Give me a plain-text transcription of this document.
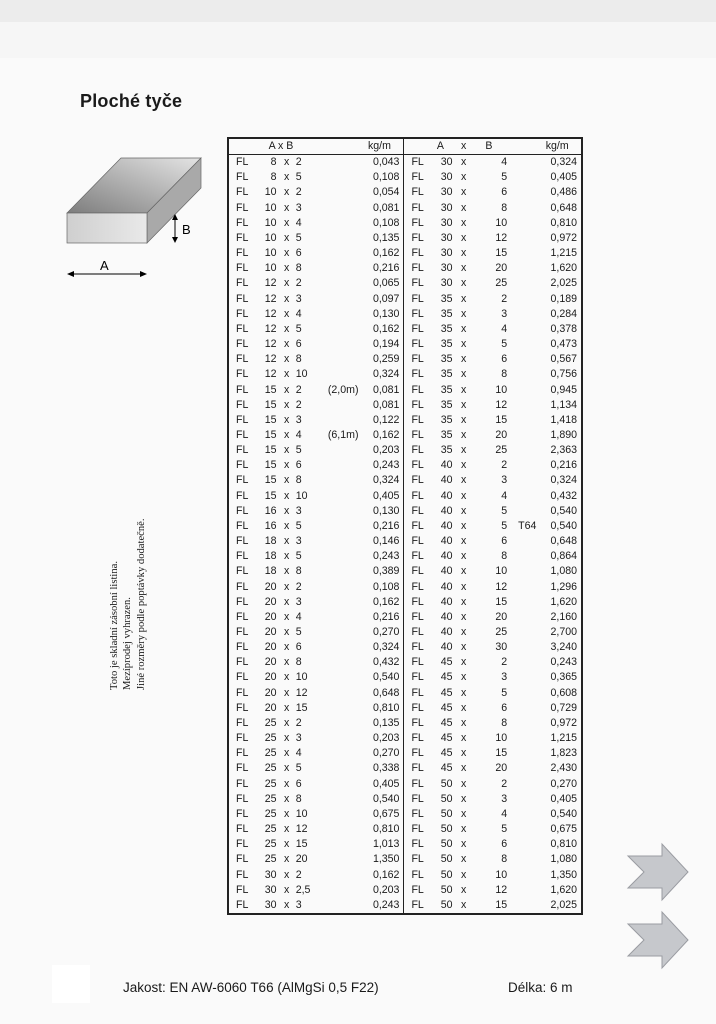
Ploché tyče
B
A
Toto je skladní zásobní listina. Mezíprodej vyhrazen. Jiné rozměry podle poptávky dodatečně.
A x B					kg/m		A	x	B		kg/m
FL	8	x	2		0,043	FL	30	x	4		0,324
FL	8	x	5		0,108	FL	30	x	5		0,405
FL	10	x	2		0,054	FL	30	x	6		0,486
FL	10	x	3		0,081	FL	30	x	8		0,648
FL	10	x	4		0,108	FL	30	x	10		0,810
FL	10	x	5		0,135	FL	30	x	12		0,972
FL	10	x	6		0,162	FL	30	x	15		1,215
FL	10	x	8		0,216	FL	30	x	20		1,620
FL	12	x	2		0,065	FL	30	x	25		2,025
FL	12	x	3		0,097	FL	35	x	2		0,189
FL	12	x	4		0,130	FL	35	x	3		0,284
FL	12	x	5		0,162	FL	35	x	4		0,378
FL	12	x	6		0,194	FL	35	x	5		0,473
FL	12	x	8		0,259	FL	35	x	6		0,567
FL	12	x	10		0,324	FL	35	x	8		0,756
FL	15	x	2	(2,0m)	0,081	FL	35	x	10		0,945
FL	15	x	2		0,081	FL	35	x	12		1,134
FL	15	x	3		0,122	FL	35	x	15		1,418
FL	15	x	4	(6,1m)	0,162	FL	35	x	20		1,890
FL	15	x	5		0,203	FL	35	x	25		2,363
FL	15	x	6		0,243	FL	40	x	2		0,216
FL	15	x	8		0,324	FL	40	x	3		0,324
FL	15	x	10		0,405	FL	40	x	4		0,432
FL	16	x	3		0,130	FL	40	x	5		0,540
FL	16	x	5		0,216	FL	40	x	5	T64	0,540
FL	18	x	3		0,146	FL	40	x	6		0,648
FL	18	x	5		0,243	FL	40	x	8		0,864
FL	18	x	8		0,389	FL	40	x	10		1,080
FL	20	x	2		0,108	FL	40	x	12		1,296
FL	20	x	3		0,162	FL	40	x	15		1,620
FL	20	x	4		0,216	FL	40	x	20		2,160
FL	20	x	5		0,270	FL	40	x	25		2,700
FL	20	x	6		0,324	FL	40	x	30		3,240
FL	20	x	8		0,432	FL	45	x	2		0,243
FL	20	x	10		0,540	FL	45	x	3		0,365
FL	20	x	12		0,648	FL	45	x	5		0,608
FL	20	x	15		0,810	FL	45	x	6		0,729
FL	25	x	2		0,135	FL	45	x	8		0,972
FL	25	x	3		0,203	FL	45	x	10		1,215
FL	25	x	4		0,270	FL	45	x	15		1,823
FL	25	x	5		0,338	FL	45	x	20		2,430
FL	25	x	6		0,405	FL	50	x	2		0,270
FL	25	x	8		0,540	FL	50	x	3		0,405
FL	25	x	10		0,675	FL	50	x	4		0,540
FL	25	x	12		0,810	FL	50	x	5		0,675
FL	25	x	15		1,013	FL	50	x	6		0,810
FL	25	x	20		1,350	FL	50	x	8		1,080
FL	30	x	2		0,162	FL	50	x	10		1,350
FL	30	x	2,5		0,203	FL	50	x	12		1,620
FL	30	x	3		0,243	FL	50	x	15		2,025
Jakost: EN AW-6060 T66 (AlMgSi 0,5 F22)	Délka: 6 m
